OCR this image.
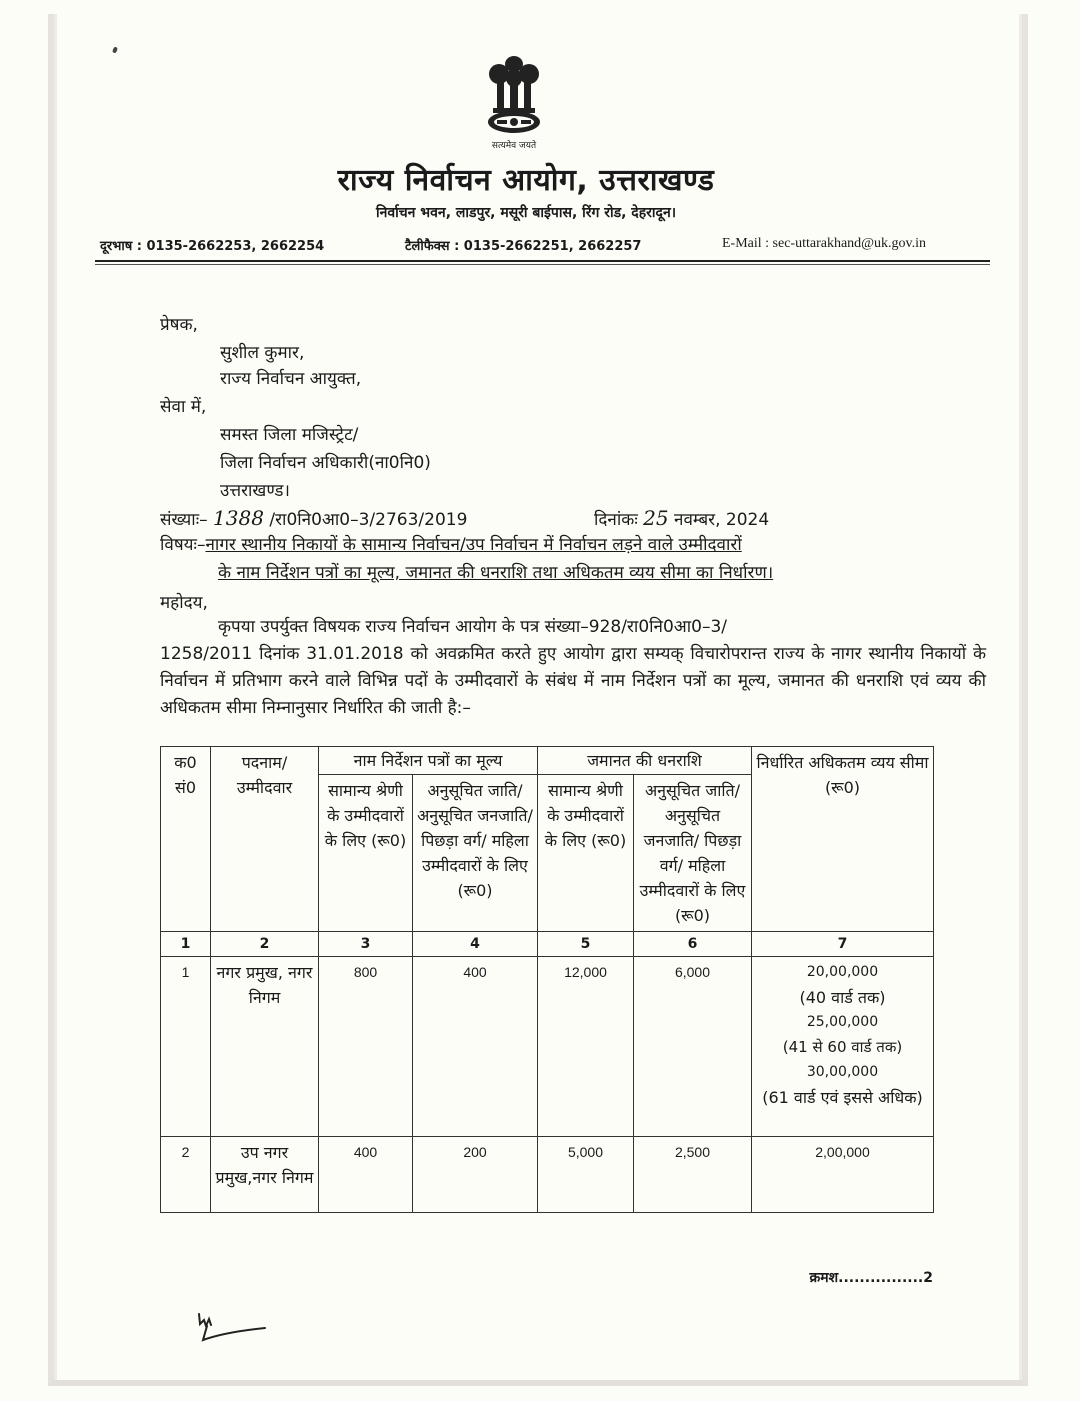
सत्यमेव जयते
राज्य निर्वाचन आयोग, उत्तराखण्ड
निर्वाचन भवन, लाडपुर, मसूरी बाईपास, रिंग रोड, देहरादून।
दूरभाष : 0135-2662253, 2662254	टैलीफैक्स : 0135-2662251, 2662257	E-Mail : sec-uttarakhand@uk.gov.in
प्रेषक,
सुशील कुमार,
राज्य निर्वाचन आयुक्त,
सेवा में,
समस्त जिला मजिस्ट्रेट/
जिला निर्वाचन अधिकारी(ना0नि0)
उत्तराखण्ड।
संख्याः– 1388 /रा0नि0आ0–3/2763/2019	दिनांकः 25 नवम्बर, 2024
विषयः–नागर स्थानीय निकायों के सामान्य निर्वाचन/उप निर्वाचन में निर्वाचन लड़ने वाले उम्मीदवारों
के नाम निर्देशन पत्रों का मूल्य, जमानत की धनराशि तथा अधिकतम व्यय सीमा का निर्धारण।
महोदय,
कृपया उपर्युक्त विषयक राज्य निर्वाचन आयोग के पत्र संख्या–928/रा0नि0आ0–3/
1258/2011 दिनांक 31.01.2018 को अवक्रमित करते हुए आयोग द्वारा सम्यक् विचारोपरान्त राज्य के नागर स्थानीय निकायों के निर्वाचन में प्रतिभाग करने वाले विभिन्न पदों के उम्मीदवारों के संबंध में नाम निर्देशन पत्रों का मूल्य, जमानत की धनराशि एवं व्यय की अधिकतम सीमा निम्नानुसार निर्धारित की जाती है:–
क0 सं0	पदनाम/ उम्मीदवार	नाम निर्देशन पत्रों का मूल्य		जमानत की धनराशि		निर्धारित अधिकतम व्यय सीमा (रू0)
		सामान्य श्रेणी के उम्मीदवारों के लिए (रू0)	अनुसूचित जाति/ अनुसूचित जनजाति/ पिछड़ा वर्ग/ महिला उम्मीदवारों के लिए (रू0)	सामान्य श्रेणी के उम्मीदवारों के लिए (रू0)	अनुसूचित जाति/ अनुसूचित जनजाति/ पिछड़ा वर्ग/ महिला उम्मीदवारों के लिए (रू0)	
1	2	3	4	5	6	7
1	नगर प्रमुख, नगर निगम	800	400	12,000	6,000	20,00,000
(40 वार्ड तक)
25,00,000
(41 से 60 वार्ड तक)
30,00,000
(61 वार्ड एवं इससे अधिक)

2	उप नगर प्रमुख,नगर निगम	400	200	5,000	2,500	2,00,000
क्रमश................2
